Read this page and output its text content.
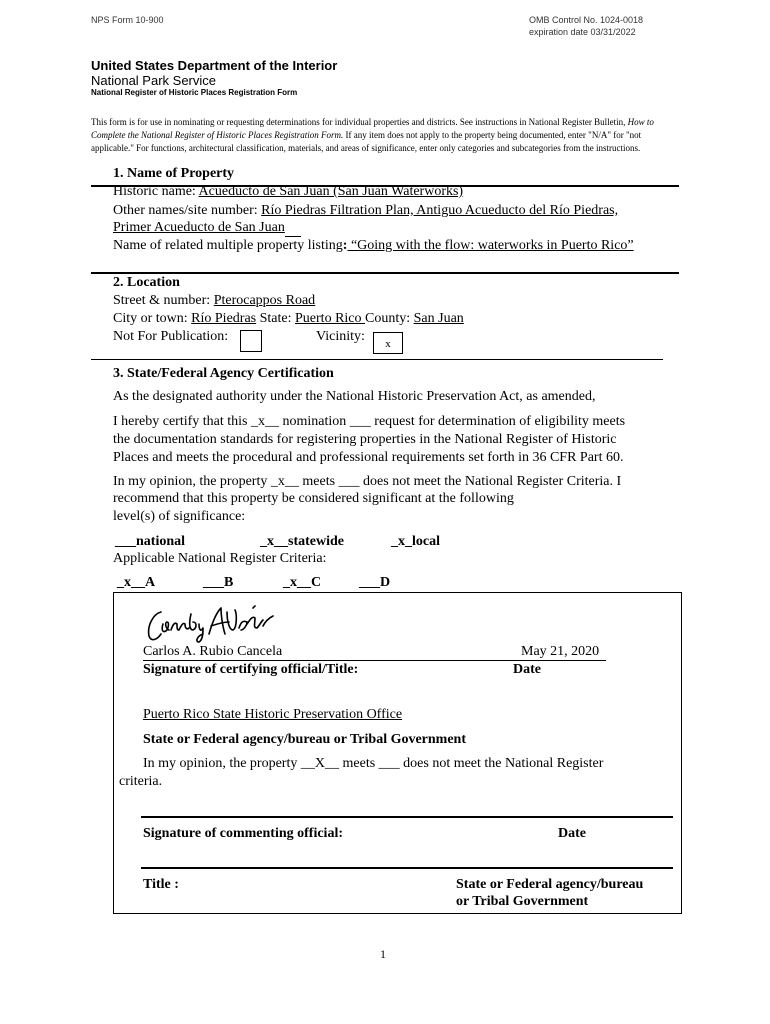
NPS Form 10-900	OMB Control No. 1024-0018
expiration date 03/31/2022
United States Department of the Interior
National Park Service
National Register of Historic Places Registration Form
This form is for use in nominating or requesting determinations for individual properties and districts. See instructions in National Register Bulletin, How to Complete the National Register of Historic Places Registration Form. If any item does not apply to the property being documented, enter "N/A" for "not applicable." For functions, architectural classification, materials, and areas of significance, enter only categories and subcategories from the instructions.
1. Name of Property
Historic name: Acueducto de San Juan (San Juan Waterworks)
Other names/site number: Río Piedras Filtration Plan, Antiguo Acueducto del Río Piedras,
Primer Acueducto de San Juan
Name of related multiple property listing: “Going with the flow: waterworks in Puerto Rico”
2. Location
Street & number: Pterocappos Road
City or town: Río Piedras State: Puerto Rico County: San Juan
Not For Publication:	Vicinity:	x
3. State/Federal Agency Certification
As the designated authority under the National Historic Preservation Act, as amended,
I hereby certify that this _x__ nomination ___ request for determination of eligibility meets
the documentation standards for registering properties in the National Register of Historic
Places and meets the procedural and professional requirements set forth in 36 CFR Part 60.
In my opinion, the property _x__ meets ___ does not meet the National Register Criteria. I
recommend that this property be considered significant at the following
level(s) of significance:
___national	_x__statewide	_x_local
Applicable National Register Criteria:
_x__A	___B	_x__C	___D
Carlos A. Rubio Cancela	May 21, 2020
Signature of certifying official/Title:	Date
Puerto Rico State Historic Preservation Office
State or Federal agency/bureau or Tribal Government
In my opinion, the property __X__ meets ___ does not meet the National Register
criteria.
Signature of commenting official:	Date
Title :	State or Federal agency/bureau
or Tribal Government
1
